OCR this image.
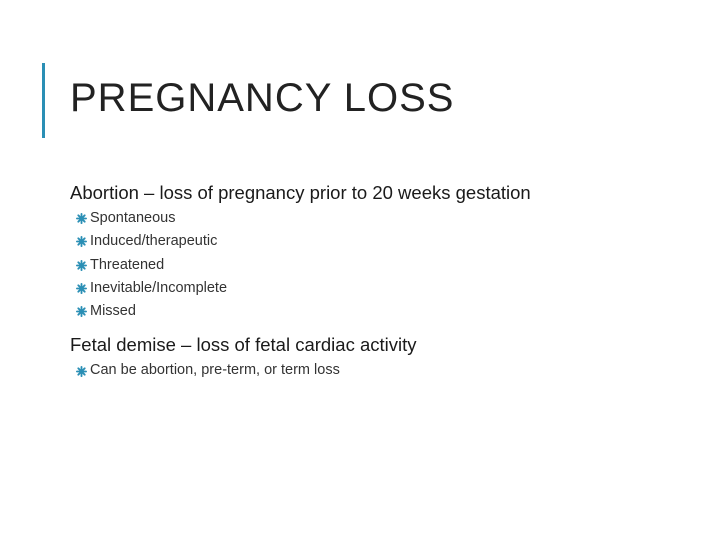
PREGNANCY LOSS
Abortion – loss of pregnancy prior to 20 weeks gestation
Spontaneous
Induced/therapeutic
Threatened
Inevitable/Incomplete
Missed
Fetal demise – loss of fetal cardiac activity
Can be abortion, pre-term, or term loss
